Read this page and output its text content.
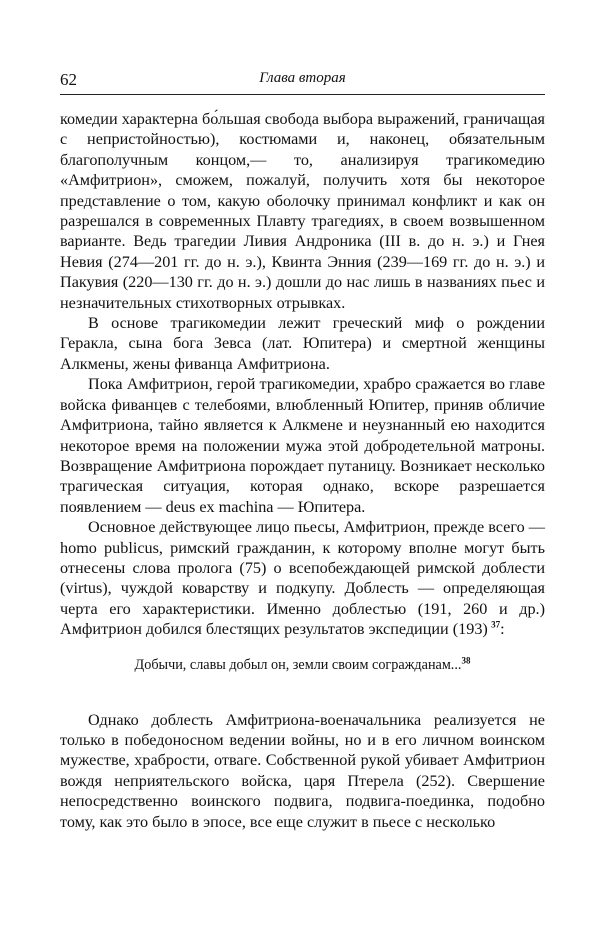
62	Глава вторая

комедии характерна бо́льшая свобода выбора выражений, граничащая с непристойностью), костюмами и, наконец, обязательным благополучным концом,— то, анализируя трагикомедию «Амфитрион», сможем, пожалуй, получить хотя бы некоторое представление о том, какую оболочку принимал конфликт и как он разрешался в современных Плавту трагедиях, в своем возвышенном варианте. Ведь трагедии Ливия Андроника (III в. до н. э.) и Гнея Невия (274—201 гг. до н. э.), Квинта Энния (239—169 гг. до н. э.) и Пакувия (220—130 гг. до н. э.) дошли до нас лишь в названиях пьес и незначительных стихотворных отрывках.

В основе трагикомедии лежит греческий миф о рождении Геракла, сына бога Зевса (лат. Юпитера) и смертной женщины Алкмены, жены фиванца Амфитриона.

Пока Амфитрион, герой трагикомедии, храбро сражается во главе войска фиванцев с телебоями, влюбленный Юпитер, приняв обличие Амфитриона, тайно является к Алкмене и неузнанный ею находится некоторое время на положении мужа этой добродетельной матроны. Возвращение Амфитриона порождает путаницу. Возникает несколько трагическая ситуация, которая однако, вскоре разрешается появлением — deus ex machina — Юпитера.

Основное действующее лицо пьесы, Амфитрион, прежде всего — homo publicus, римский гражданин, к которому вполне могут быть отнесены слова пролога (75) о всепобеждающей римской доблести (virtus), чуждой коварству и подкупу. Доблесть — определяющая черта его характеристики. Именно доблестью (191, 260 и др.) Амфитрион добился блестящих результатов экспедиции (193)  $^{37}$:

Добычи, славы добыл он, земли своим согражданам...$^{38}$

Однако доблесть Амфитриона-военачальника реализуется не только в победоносном ведении войны, но и в его личном воинском мужестве, храбрости, отваге. Собственной рукой убивает Амфитрион вождя неприятельского войска, царя Птерела (252). Свершение непосредственно воинского подвига, подвига-поединка, подобно тому, как это было в эпосе, все еще служит в пьесе с несколько
